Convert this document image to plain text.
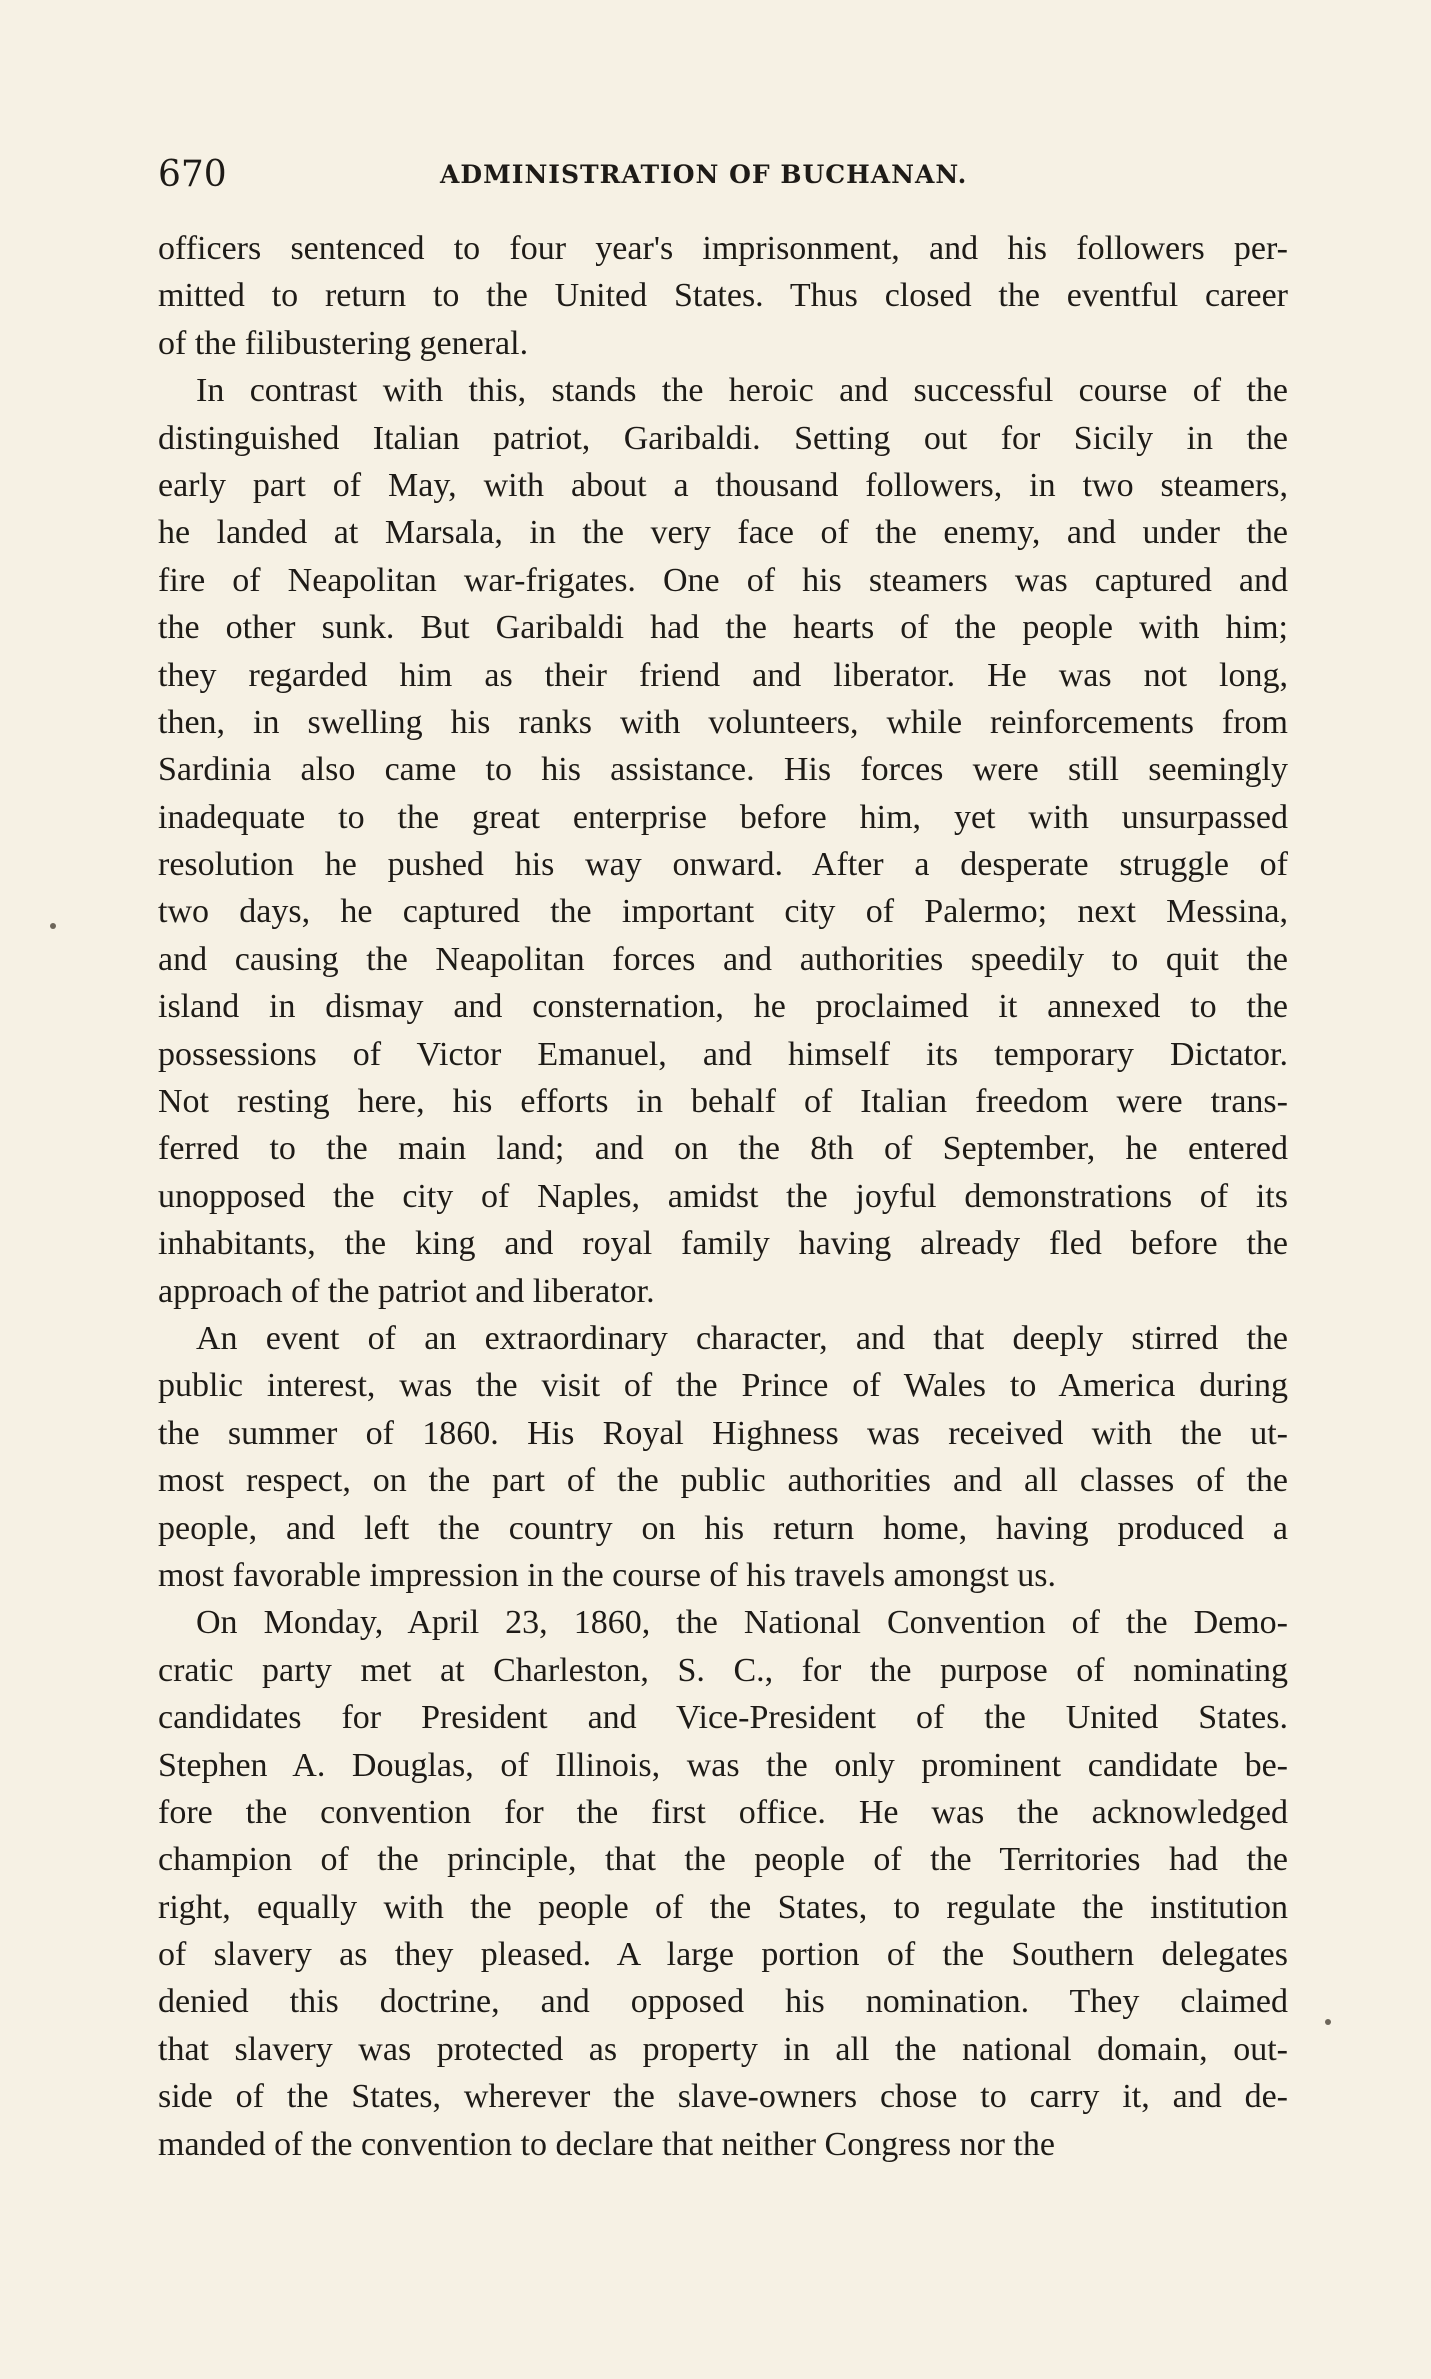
670	ADMINISTRATION OF BUCHANAN.
officers sentenced to four year's imprisonment, and his followers per-
mitted to return to the United States. Thus closed the eventful career
of the filibustering general.
In contrast with this, stands the heroic and successful course of the
distinguished Italian patriot, Garibaldi. Setting out for Sicily in the
early part of May, with about a thousand followers, in two steamers,
he landed at Marsala, in the very face of the enemy, and under the
fire of Neapolitan war-frigates. One of his steamers was captured and
the other sunk. But Garibaldi had the hearts of the people with him;
they regarded him as their friend and liberator. He was not long,
then, in swelling his ranks with volunteers, while reinforcements from
Sardinia also came to his assistance. His forces were still seemingly
inadequate to the great enterprise before him, yet with unsurpassed
resolution he pushed his way onward. After a desperate struggle of
two days, he captured the important city of Palermo; next Messina,
and causing the Neapolitan forces and authorities speedily to quit the
island in dismay and consternation, he proclaimed it annexed to the
possessions of Victor Emanuel, and himself its temporary Dictator.
Not resting here, his efforts in behalf of Italian freedom were trans-
ferred to the main land; and on the 8th of September, he entered
unopposed the city of Naples, amidst the joyful demonstrations of its
inhabitants, the king and royal family having already fled before the
approach of the patriot and liberator.
An event of an extraordinary character, and that deeply stirred the
public interest, was the visit of the Prince of Wales to America during
the summer of 1860. His Royal Highness was received with the ut-
most respect, on the part of the public authorities and all classes of the
people, and left the country on his return home, having produced a
most favorable impression in the course of his travels amongst us.
On Monday, April 23, 1860, the National Convention of the Demo-
cratic party met at Charleston, S. C., for the purpose of nominating
candidates for President and Vice-President of the United States.
Stephen A. Douglas, of Illinois, was the only prominent candidate be-
fore the convention for the first office. He was the acknowledged
champion of the principle, that the people of the Territories had the
right, equally with the people of the States, to regulate the institution
of slavery as they pleased. A large portion of the Southern delegates
denied this doctrine, and opposed his nomination. They claimed
that slavery was protected as property in all the national domain, out-
side of the States, wherever the slave-owners chose to carry it, and de-
manded of the convention to declare that neither Congress nor the
